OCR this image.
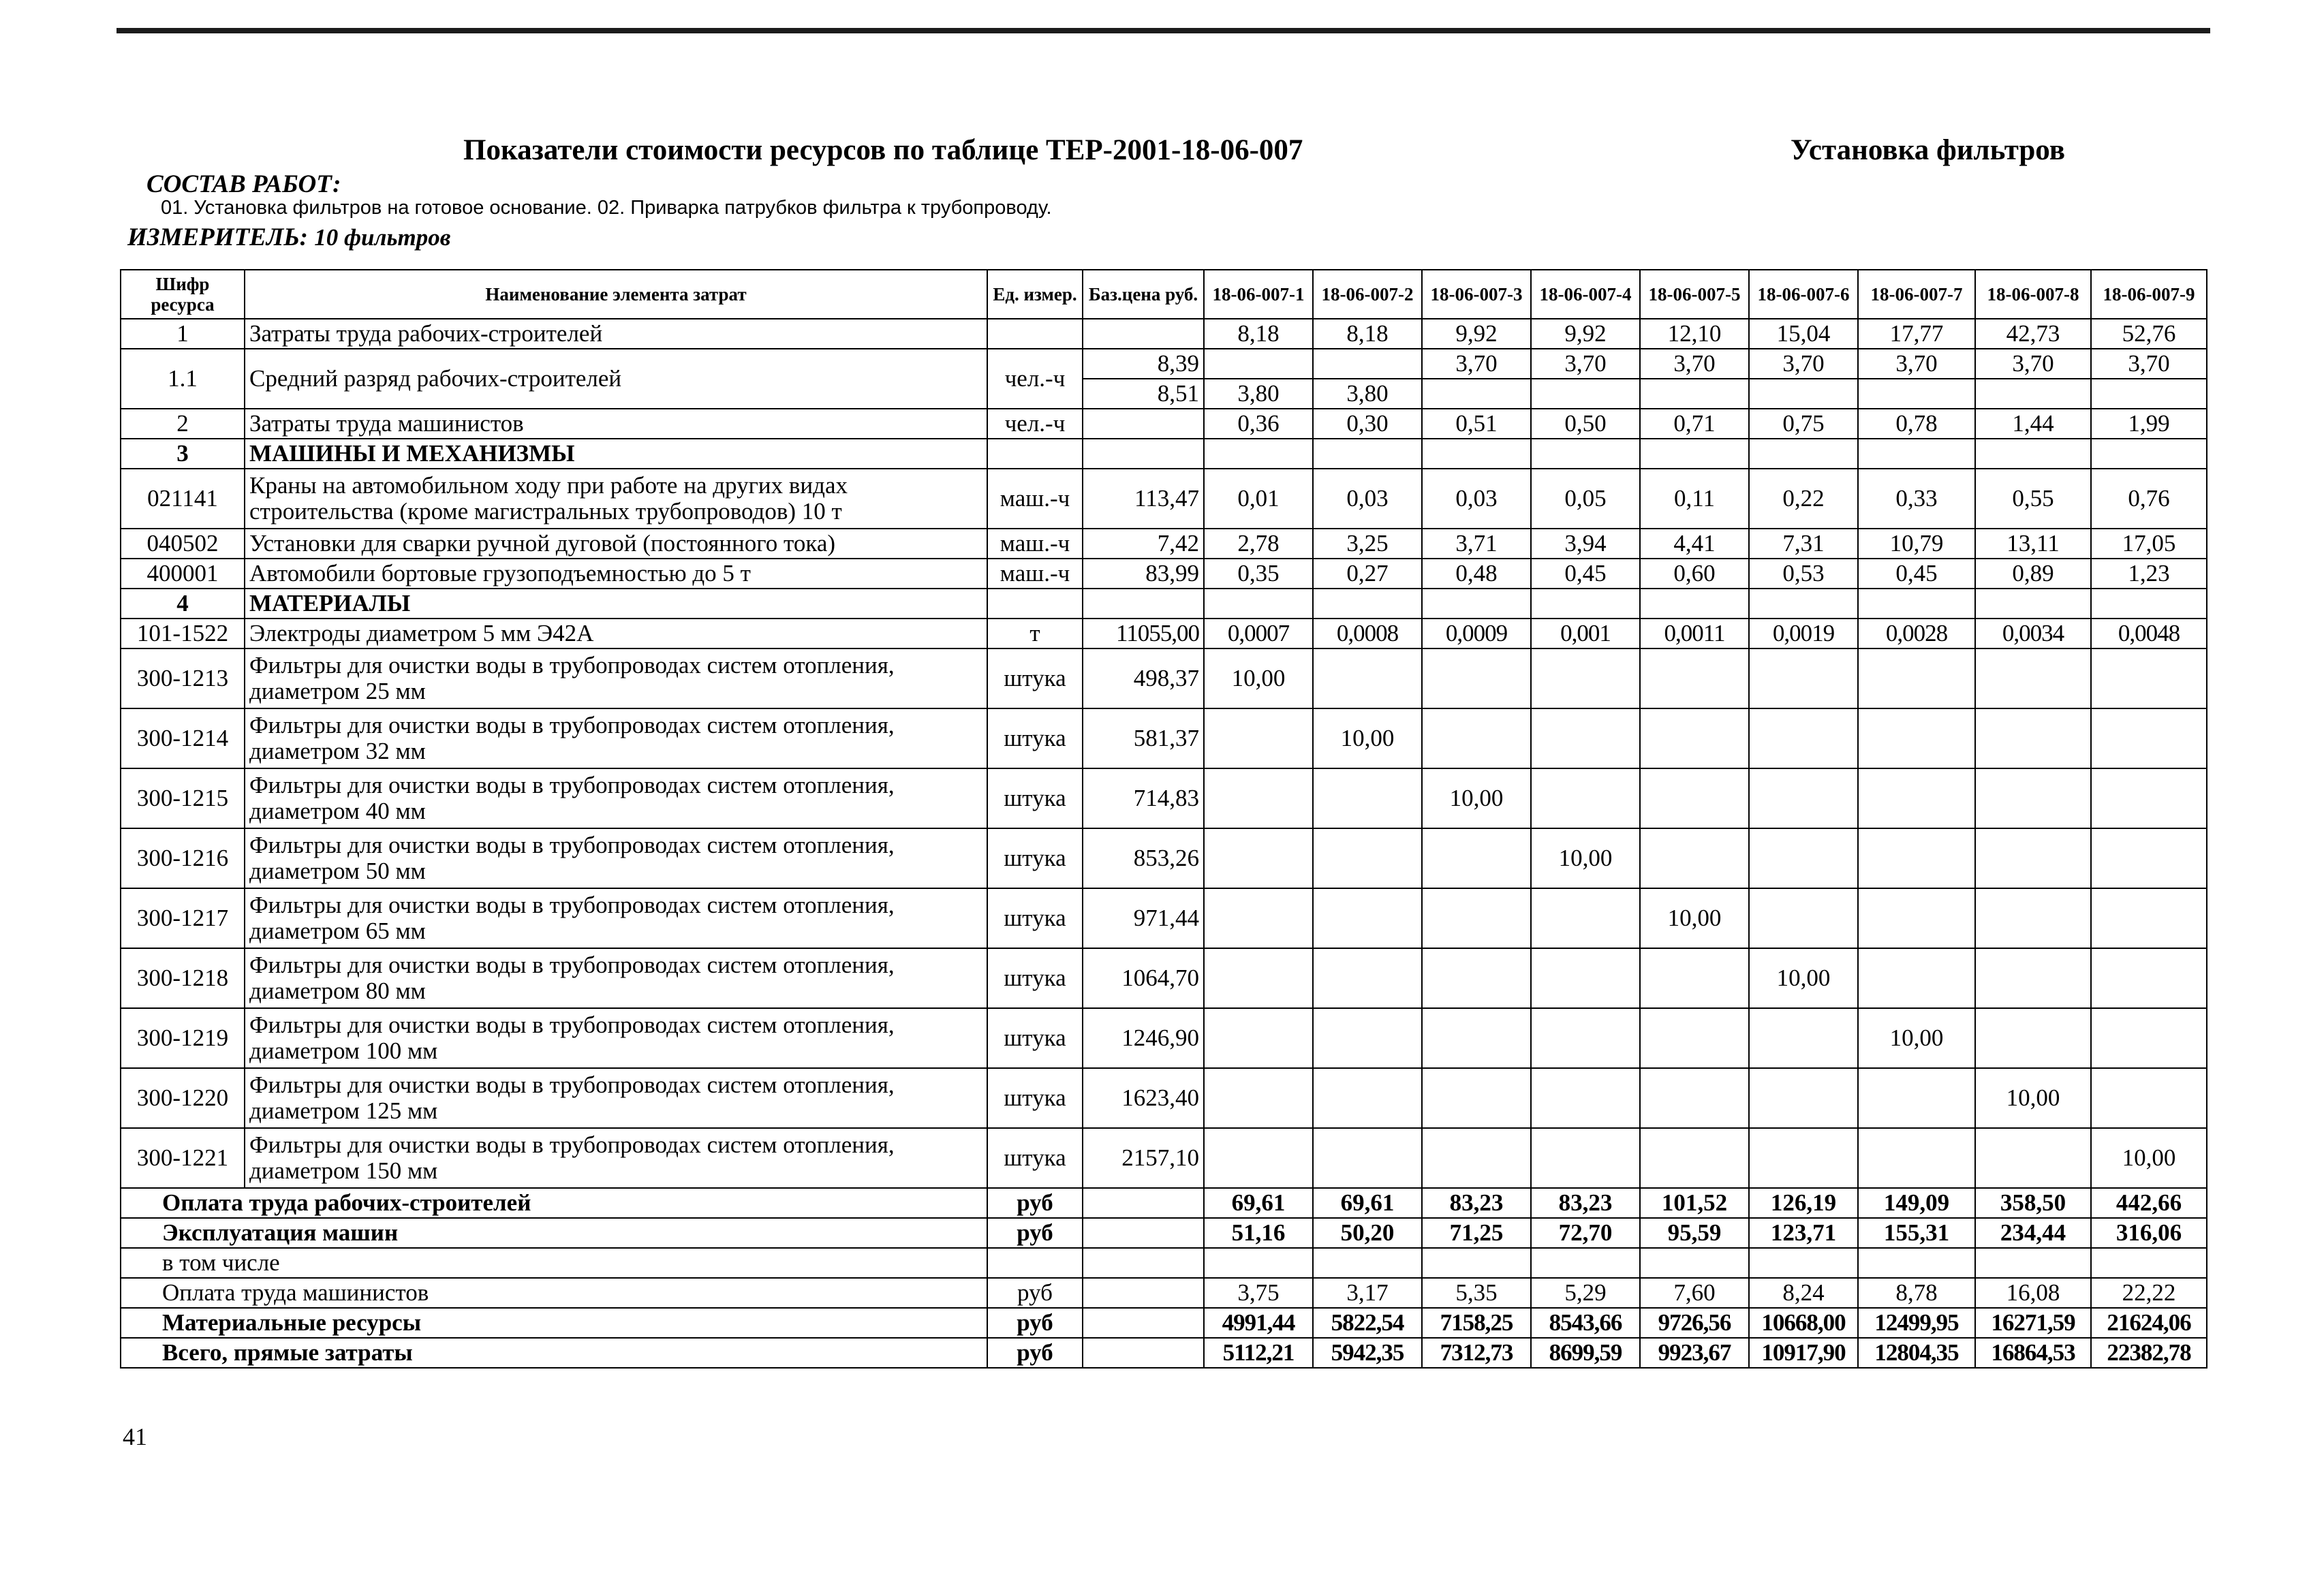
Показатели стоимости ресурсов по таблице ТЕР-2001-18-06-007	Установка фильтров
СОСТАВ РАБОТ:
01. Установка фильтров на готовое основание. 02. Приварка патрубков фильтра к трубопроводу.
ИЗМЕРИТЕЛЬ: 10 фильтров
Шифр ресурса	Наименование элемента затрат	Ед. измер.	Баз.цена руб.	18-06-007-1	18-06-007-2	18-06-007-3	18-06-007-4	18-06-007-5	18-06-007-6	18-06-007-7	18-06-007-8	18-06-007-9
1	Затраты труда рабочих-строителей			8,18	8,18	9,92	9,92	12,10	15,04	17,77	42,73	52,76
1.1	Средний разряд рабочих-строителей	чел.-ч	8,39			3,70	3,70	3,70	3,70	3,70	3,70	3,70
			8,51	3,80	3,80							
2	Затраты труда машинистов	чел.-ч		0,36	0,30	0,51	0,50	0,71	0,75	0,78	1,44	1,99
3	МАШИНЫ И МЕХАНИЗМЫ											
021141	Краны на автомобильном ходу при работе на других видах строительства (кроме магистральных трубопроводов) 10 т	маш.-ч	113,47	0,01	0,03	0,03	0,05	0,11	0,22	0,33	0,55	0,76
040502	Установки для сварки ручной дуговой (постоянного тока)	маш.-ч	7,42	2,78	3,25	3,71	3,94	4,41	7,31	10,79	13,11	17,05
400001	Автомобили бортовые грузоподъемностью до 5 т	маш.-ч	83,99	0,35	0,27	0,48	0,45	0,60	0,53	0,45	0,89	1,23
4	МАТЕРИАЛЫ											
101-1522	Электроды диаметром 5 мм Э42А	т	11055,00	0,0007	0,0008	0,0009	0,001	0,0011	0,0019	0,0028	0,0034	0,0048
300-1213	Фильтры для очистки воды в трубопроводах систем отопления,
диаметром 25 мм	штука	498,37	10,00								
300-1214	Фильтры для очистки воды в трубопроводах систем отопления,
диаметром 32 мм	штука	581,37		10,00							
300-1215	Фильтры для очистки воды в трубопроводах систем отопления,
диаметром 40 мм	штука	714,83			10,00						
300-1216	Фильтры для очистки воды в трубопроводах систем отопления,
диаметром 50 мм	штука	853,26				10,00					
300-1217	Фильтры для очистки воды в трубопроводах систем отопления,
диаметром 65 мм	штука	971,44					10,00				
300-1218	Фильтры для очистки воды в трубопроводах систем отопления,
диаметром 80 мм	штука	1064,70						10,00			
300-1219	Фильтры для очистки воды в трубопроводах систем отопления,
диаметром 100 мм	штука	1246,90							10,00		
300-1220	Фильтры для очистки воды в трубопроводах систем отопления,
диаметром 125 мм	штука	1623,40								10,00	
300-1221	Фильтры для очистки воды в трубопроводах систем отопления,
диаметром 150 мм	штука	2157,10									10,00
Оплата труда рабочих-строителей		руб		69,61	69,61	83,23	83,23	101,52	126,19	149,09	358,50	442,66
Эксплуатация машин		руб		51,16	50,20	71,25	72,70	95,59	123,71	155,31	234,44	316,06
в том числе												
Оплата труда машинистов		руб		3,75	3,17	5,35	5,29	7,60	8,24	8,78	16,08	22,22
Материальные ресурсы		руб		4991,44	5822,54	7158,25	8543,66	9726,56	10668,00	12499,95	16271,59	21624,06
Всего, прямые затраты		руб		5112,21	5942,35	7312,73	8699,59	9923,67	10917,90	12804,35	16864,53	22382,78
41
